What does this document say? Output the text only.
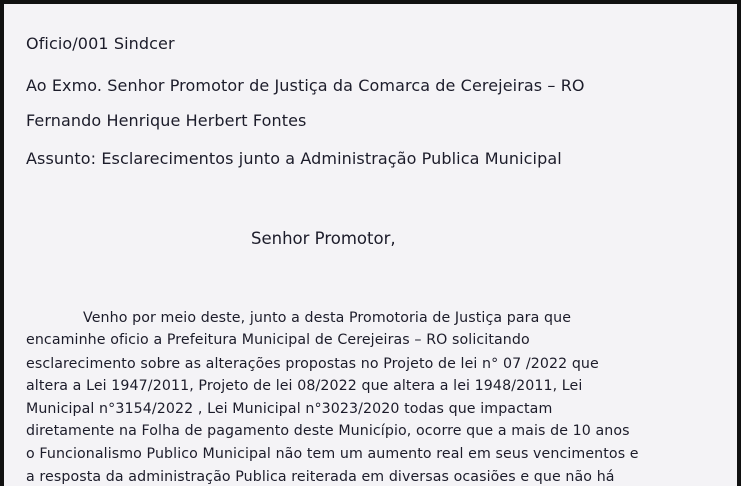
Oficio/001 Sindcer
Ao Exmo. Senhor Promotor de Justiça da Comarca de Cerejeiras – RO
Fernando Henrique Herbert Fontes
Assunto: Esclarecimentos junto a Administração Publica Municipal
Senhor Promotor,
Venho por meio deste, junto a desta Promotoria de Justiça para que
encaminhe oficio a Prefeitura Municipal de Cerejeiras – RO solicitando
esclarecimento sobre as alterações propostas no Projeto de lei n° 07 /2022 que
altera a Lei 1947/2011, Projeto de lei 08/2022 que altera a lei 1948/2011, Lei
Municipal n°3154/2022 , Lei Municipal n°3023/2020 todas que impactam
diretamente na Folha de pagamento deste Município, ocorre que a mais de 10 anos
o Funcionalismo Publico Municipal não tem um aumento real em seus vencimentos e
a resposta da administração Publica reiterada em diversas ocasiões e que não há
